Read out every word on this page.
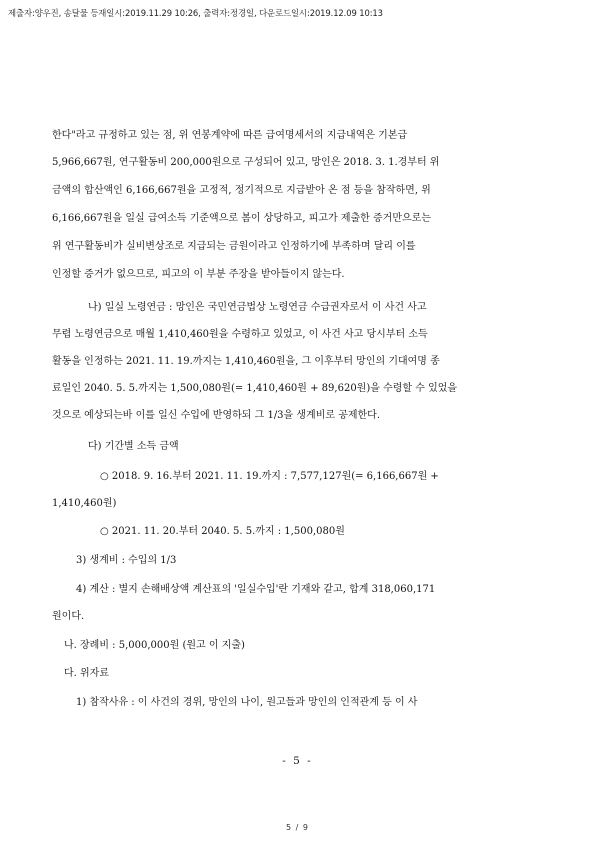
제출자:양우진, 송달물 등재일시:2019.11.29 10:26, 출력자:정경일, 다운로드일시:2019.12.09 10:13
한다"라고 규정하고 있는 점, 위 연봉계약에 따른 급여명세서의 지급내역은 기본급
5,966,667원, 연구활동비 200,000원으로 구성되어 있고, 망인은 2018. 3. 1.경부터 위
금액의 합산액인 6,166,667원을 고정적, 정기적으로 지급받아 온 점 등을 참작하면, 위
6,166,667원을 일실 급여소득 기준액으로 봄이 상당하고, 피고가 제출한 증거만으로는
위 연구활동비가 실비변상조로 지급되는 금원이라고 인정하기에 부족하며 달리 이를
인정할 증거가 없으므로, 피고의 이 부분 주장을 받아들이지 않는다.
나) 일실 노령연금 : 망인은 국민연금법상 노령연금 수급권자로서 이 사건 사고
무렵 노령연금으로 매월 1,410,460원을 수령하고 있었고, 이 사건 사고 당시부터 소득
활동을 인정하는 2021. 11. 19.까지는 1,410,460원을, 그 이후부터 망인의 기대여명 종
료일인 2040. 5. 5.까지는 1,500,080원(= 1,410,460원 + 89,620원)을 수령할 수 있었을
것으로 예상되는바 이를 일신 수입에 반영하되 그 1/3을 생계비로 공제한다.
다) 기간별 소득 금액
○ 2018. 9. 16.부터 2021. 11. 19.까지 : 7,577,127원(= 6,166,667원 +
1,410,460원)
○ 2021. 11. 20.부터 2040. 5. 5.까지 : 1,500,080원
3) 생계비 : 수입의 1/3
4) 계산 : 별지 손해배상액 계산표의 '일실수입'란 기재와 같고, 합계 318,060,171
원이다.
나. 장례비 : 5,000,000원 (원고 이 지출)
다. 위자료
1) 참작사유 : 이 사건의 경위, 망인의 나이, 원고들과 망인의 인적관계 등 이 사
- 5 -
5 / 9
